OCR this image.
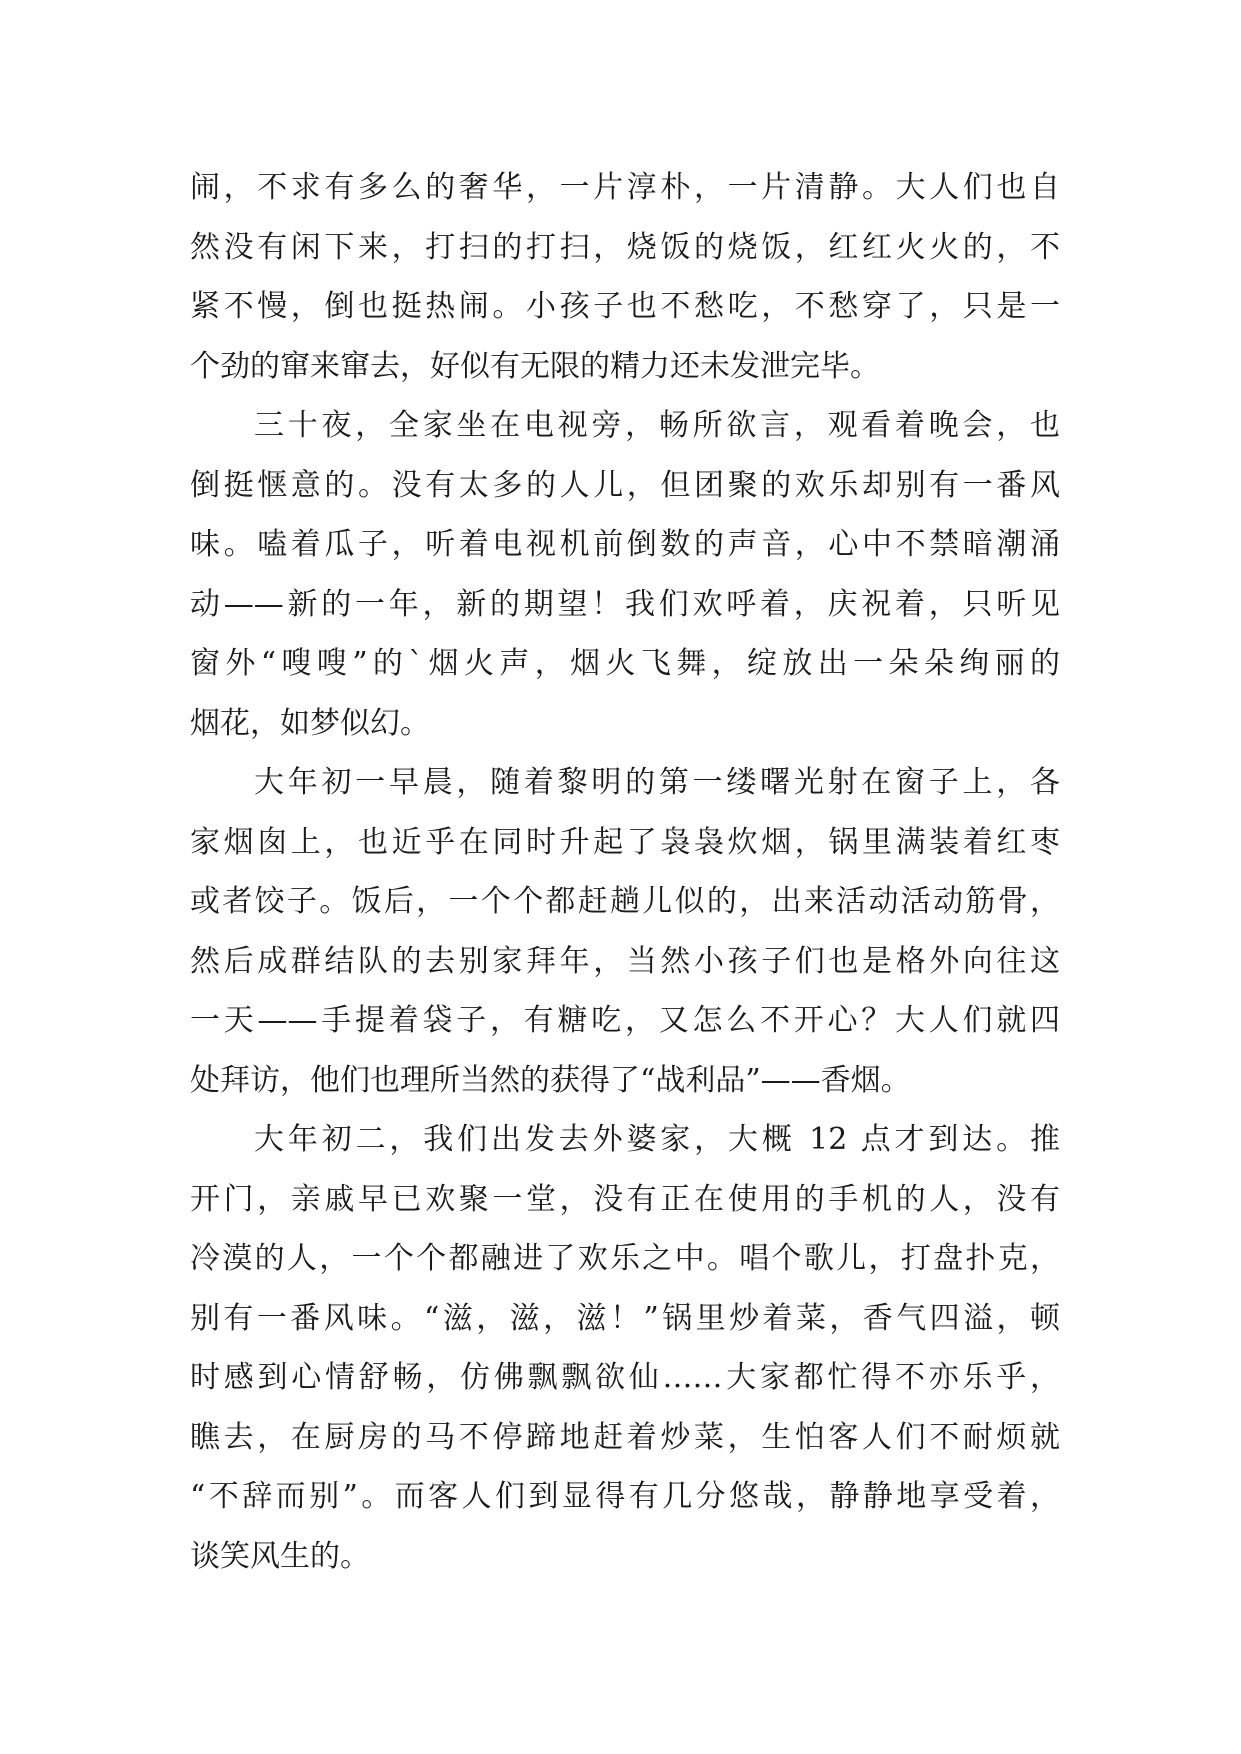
闹，不求有多么的奢华，一片淳朴，一片清静。大人们也自
然没有闲下来，打扫的打扫，烧饭的烧饭，红红火火的，不
紧不慢，倒也挺热闹。小孩子也不愁吃，不愁穿了，只是一
个劲的窜来窜去，好似有无限的精力还未发泄完毕。
三十夜，全家坐在电视旁，畅所欲言，观看着晚会，也
倒挺惬意的。没有太多的人儿，但团聚的欢乐却别有一番风
味。嗑着瓜子，听着电视机前倒数的声音，心中不禁暗潮涌
动——新的一年，新的期望！我们欢呼着，庆祝着，只听见
窗外“嗖嗖”的`烟火声，烟火飞舞，绽放出一朵朵绚丽的
烟花，如梦似幻。
大年初一早晨，随着黎明的第一缕曙光射在窗子上，各
家烟囱上，也近乎在同时升起了袅袅炊烟，锅里满装着红枣
或者饺子。饭后，一个个都赶趟儿似的，出来活动活动筋骨，
然后成群结队的去别家拜年，当然小孩子们也是格外向往这
一天——手提着袋子，有糖吃，又怎么不开心？大人们就四
处拜访，他们也理所当然的获得了“战利品”——香烟。
大年初二，我们出发去外婆家，大概 12 点才到达。推
开门，亲戚早已欢聚一堂，没有正在使用的手机的人，没有
冷漠的人，一个个都融进了欢乐之中。唱个歌儿，打盘扑克，
别有一番风味。“滋，滋，滋！”锅里炒着菜，香气四溢，顿
时感到心情舒畅，仿佛飘飘欲仙……大家都忙得不亦乐乎，
瞧去，在厨房的马不停蹄地赶着炒菜，生怕客人们不耐烦就
“不辞而别”。而客人们到显得有几分悠哉，静静地享受着，
谈笑风生的。
